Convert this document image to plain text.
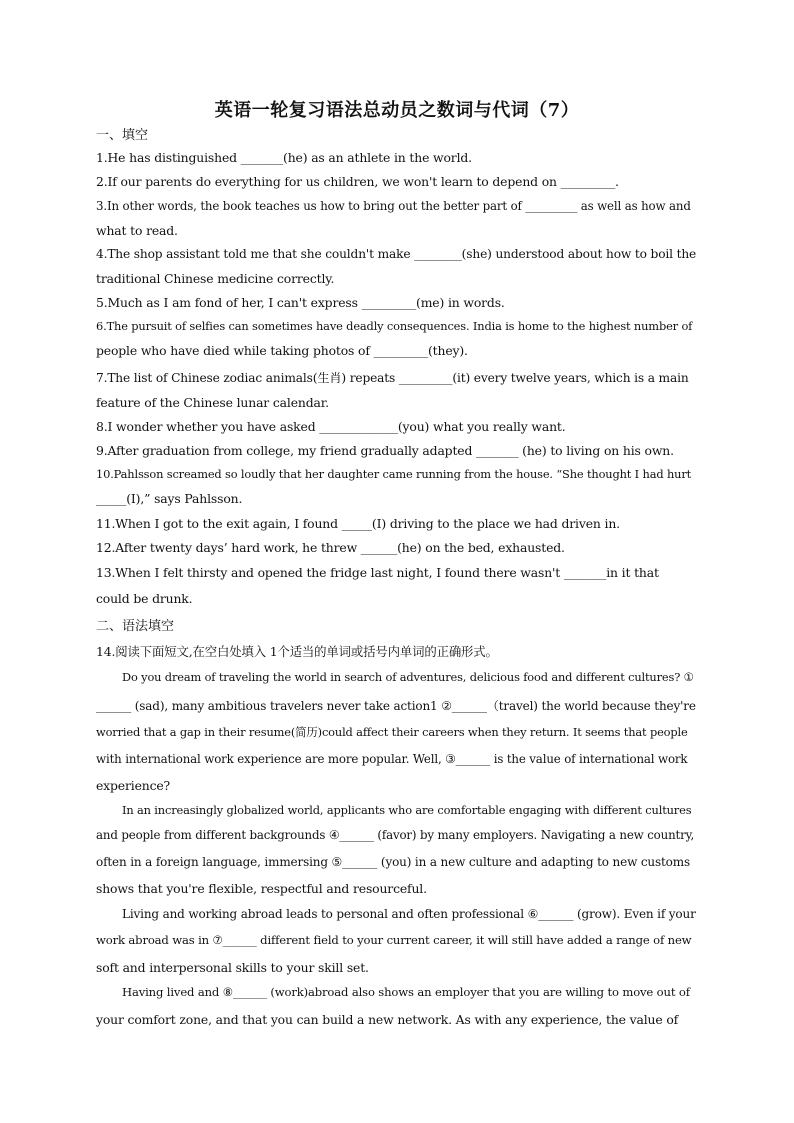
英语一轮复习语法总动员之数词与代词（7）
一、填空
1.He has distinguished _______(he) as an athlete in the world.
2.If our parents do everything for us children, we won't learn to depend on _________.
3.In other words, the book teaches us how to bring out the better part of _________ as well as how and
what to read.
4.The shop assistant told me that she couldn't make ________(she) understood about how to boil the
traditional Chinese medicine correctly.
5.Much as I am fond of her, I can't express _________(me) in words.
6.The pursuit of selfies can sometimes have deadly consequences. India is home to the highest number of
people who have died while taking photos of _________(they).
7.The list of Chinese zodiac animals(生肖) repeats _________(it) every twelve years, which is a main
feature of the Chinese lunar calendar.
8.I wonder whether you have asked _____________(you) what you really want.
9.After graduation from college, my friend gradually adapted _______ (he) to living on his own.
10.Pahlsson screamed so loudly that her daughter came running from the house. “She thought I had hurt
_____(I),” says Pahlsson.
11.When I got to the exit again, I found _____(I) driving to the place we had driven in.
12.After twenty days’ hard work, he threw ______(he) on the bed, exhausted.
13.When I felt thirsty and opened the fridge last night, I found there wasn't _______in it that
could be drunk.
二、语法填空
14.阅读下面短文,在空白处填入 1个适当的单词或括号内单词的正确形式。
Do you dream of traveling the world in search of adventures, delicious food and different cultures? ①
______ (sad), many ambitious travelers never take action1 ②______（travel) the world because they're
worried that a gap in their resume(简历)could affect their careers when they return. It seems that people
with international work experience are more popular. Well, ③______ is the value of international work
experience?
In an increasingly globalized world, applicants who are comfortable engaging with different cultures
and people from different backgrounds ④______ (favor) by many employers. Navigating a new country,
often in a foreign language, immersing ⑤______ (you) in a new culture and adapting to new customs
shows that you're flexible, respectful and resourceful.
Living and working abroad leads to personal and often professional ⑥______ (grow). Even if your
work abroad was in ⑦______ different field to your current career, it will still have added a range of new
soft and interpersonal skills to your skill set.
Having lived and ⑧______ (work)abroad also shows an employer that you are willing to move out of
your comfort zone, and that you can build a new network. As with any experience, the value of
